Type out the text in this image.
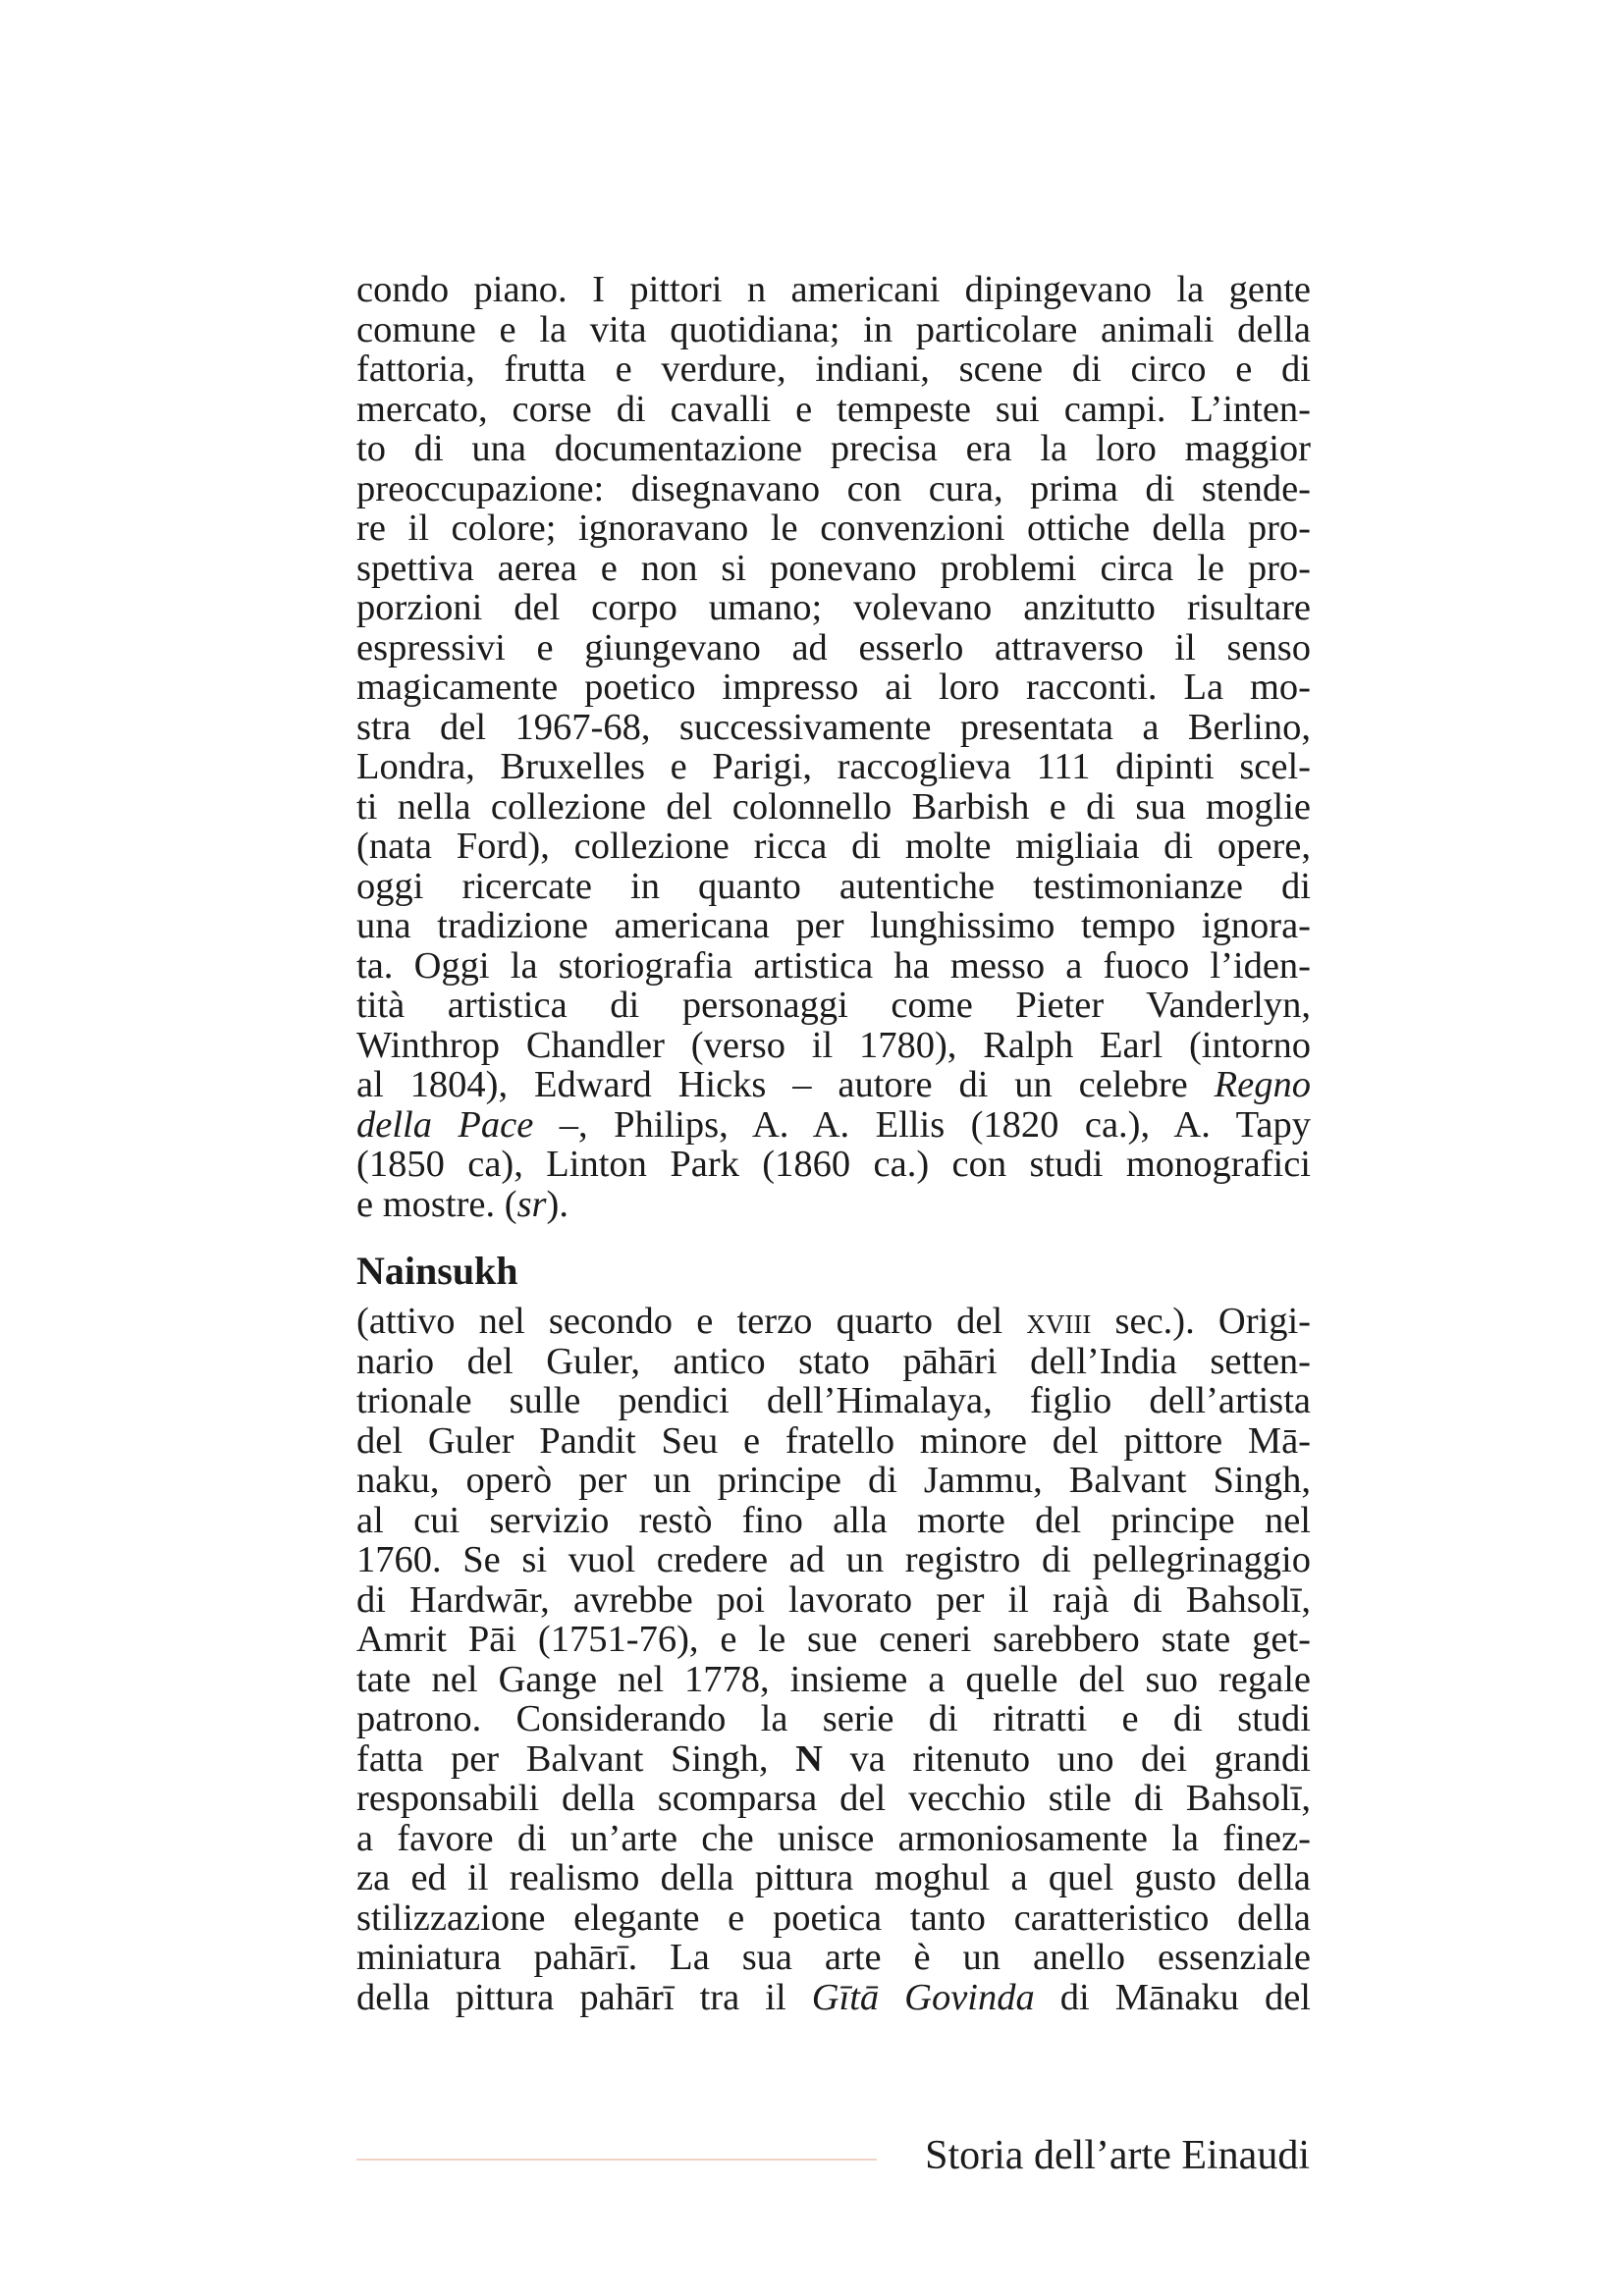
condo piano. I pittori n americani dipingevano la gente
comune e la vita quotidiana; in particolare animali della
fattoria, frutta e verdure, indiani, scene di circo e di
mercato, corse di cavalli e tempeste sui campi. L’inten-
to di una documentazione precisa era la loro maggior
preoccupazione: disegnavano con cura, prima di stende-
re il colore; ignoravano le convenzioni ottiche della pro-
spettiva aerea e non si ponevano problemi circa le pro-
porzioni del corpo umano; volevano anzitutto risultare
espressivi e giungevano ad esserlo attraverso il senso
magicamente poetico impresso ai loro racconti. La mo-
stra del 1967-68, successivamente presentata a Berlino,
Londra, Bruxelles e Parigi, raccoglieva 111 dipinti scel-
ti nella collezione del colonnello Barbish e di sua moglie
(nata Ford), collezione ricca di molte migliaia di opere,
oggi ricercate in quanto autentiche testimonianze di
una tradizione americana per lunghissimo tempo ignora-
ta. Oggi la storiografia artistica ha messo a fuoco l’iden-
tità artistica di personaggi come Pieter Vanderlyn,
Winthrop Chandler (verso il 1780), Ralph Earl (intorno
al 1804), Edward Hicks – autore di un celebre Regno
della Pace –, Philips, A. A. Ellis (1820 ca.), A. Tapy
(1850 ca), Linton Park (1860 ca.) con studi monografici
e mostre. (sr).
Nainsukh
(attivo nel secondo e terzo quarto del xviii sec.). Origi-
nario del Guler, antico stato pāhāri dell’India setten-
trionale sulle pendici dell’Himalaya, figlio dell’artista
del Guler Pandit Seu e fratello minore del pittore Mā-
naku, operò per un principe di Jammu, Balvant Singh,
al cui servizio restò fino alla morte del principe nel
1760. Se si vuol credere ad un registro di pellegrinaggio
di Hardwār, avrebbe poi lavorato per il rajà di Bahsolī,
Amrit Pāi (1751-76), e le sue ceneri sarebbero state get-
tate nel Gange nel 1778, insieme a quelle del suo regale
patrono. Considerando la serie di ritratti e di studi
fatta per Balvant Singh, N va ritenuto uno dei grandi
responsabili della scomparsa del vecchio stile di Bahsolī,
a favore di un’arte che unisce armoniosamente la finez-
za ed il realismo della pittura moghul a quel gusto della
stilizzazione elegante e poetica tanto caratteristico della
miniatura pahārī. La sua arte è un anello essenziale
della pittura pahārī tra il Gītā Govinda di Mānaku del
Storia dell’arte Einaudi
